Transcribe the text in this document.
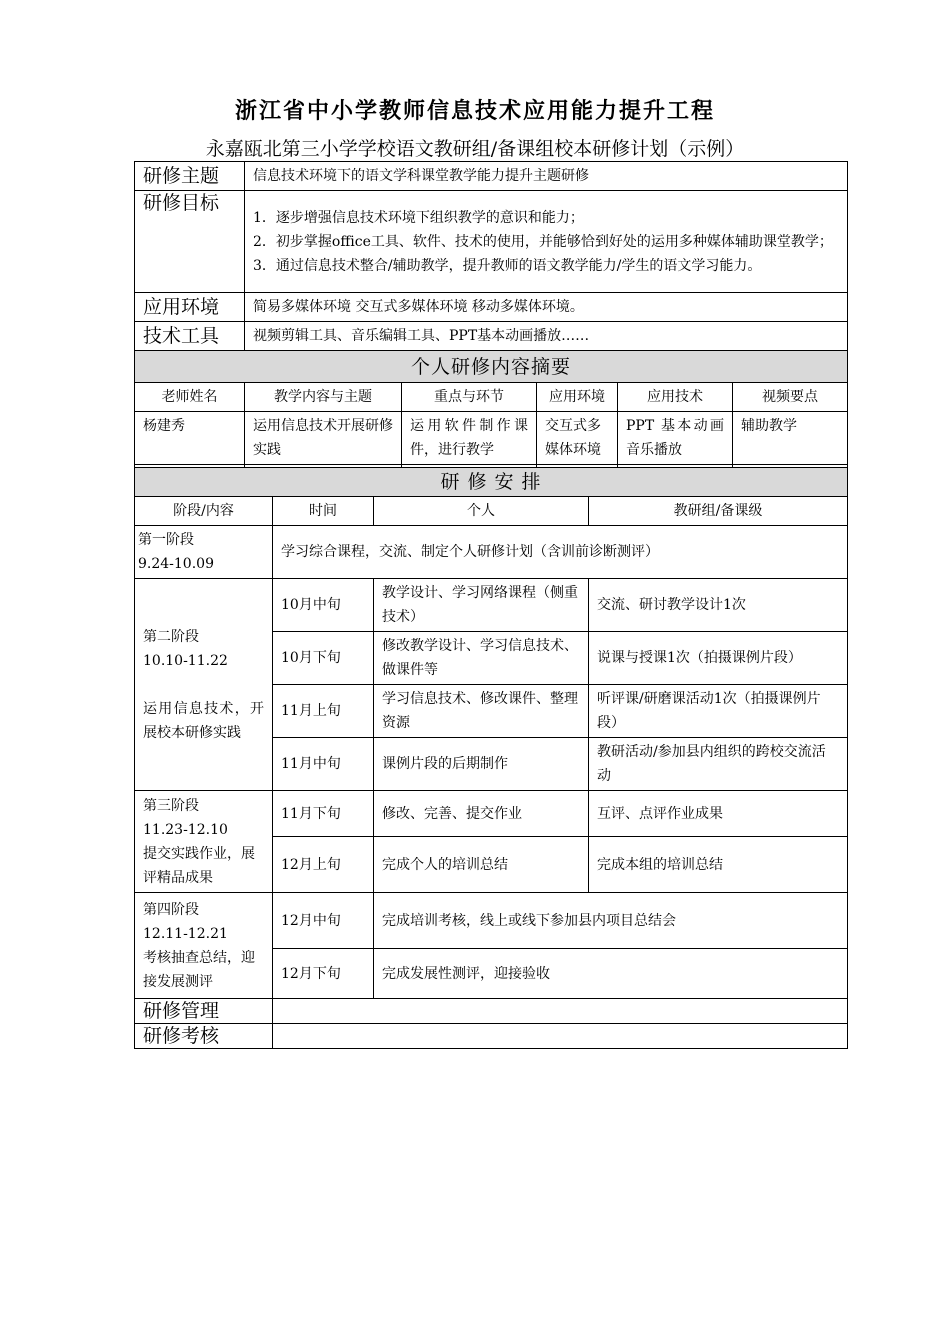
浙江省中小学教师信息技术应用能力提升工程
永嘉瓯北第三小学学校语文教研组/备课组校本研修计划（示例）
研修主题	信息技术环境下的语文学科课堂教学能力提升主题研修				
研修目标	1．逐步增强信息技术环境下组织教学的意识和能力；
2．初步掌握office工具、软件、技术的使用，并能够恰到好处的运用多种媒体辅助课堂教学；
3．通过信息技术整合/辅助教学，提升教师的语文教学能力/学生的语文学习能力。				

应用环境	简易多媒体环境 交互式多媒体环境 移动多媒体环境。				
技术工具	视频剪辑工具、音乐编辑工具、PPT基本动画播放……				
个人研修内容摘要					
老师姓名	教学内容与主题	重点与环节	应用环境	应用技术	视频要点
杨建秀	运用信息技术开展研修实践	运用软件制作课件，进行教学	交互式多媒体环境	PPT 基本动画音乐播放	辅助教学

研 修 安 排			
阶段/内容	时间	个人	教研组/备课级

第一阶段
9.24-10.09	学习综合课程，交流、制定个人研修计划（含训前诊断测评）		

第二阶段
10.10-11.22
运用信息技术，开展校本研修实践	10月中旬	教学设计、学习网络课程（侧重技术）	交流、研讨教学设计1次
	10月下旬	修改教学设计、学习信息技术、做课件等	说课与授课1次（拍摄课例片段）
	11月上旬	学习信息技术、修改课件、整理资源	听评课/研磨课活动1次（拍摄课例片段）
	11月中旬	课例片段的后期制作	教研活动/参加县内组织的跨校交流活动

第三阶段
11.23-12.10
提交实践作业，展评精品成果	11月下旬	修改、完善、提交作业	互评、点评作业成果
	12月上旬	完成个人的培训总结	完成本组的培训总结

第四阶段
12.11-12.21
考核抽查总结，迎接发展测评	12月中旬	完成培训考核，线上或线下参加县内项目总结会	
	12月下旬	完成发展性测评，迎接验收	
研修管理			
研修考核			
